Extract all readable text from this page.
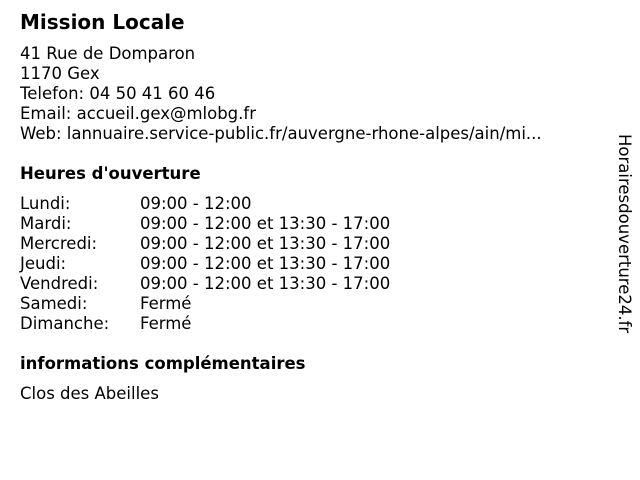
Mission Locale
41 Rue de Domparon
1170 Gex
Telefon: 04 50 41 60 46
Email: accueil.gex@mlobg.fr
Web: lannuaire.service-public.fr/auvergne-rhone-alpes/ain/mi...
Heures d'ouverture
Lundi:	09:00 - 12:00
Mardi:	09:00 - 12:00 et 13:30 - 17:00
Mercredi:	09:00 - 12:00 et 13:30 - 17:00
Jeudi:	09:00 - 12:00 et 13:30 - 17:00
Vendredi:	09:00 - 12:00 et 13:30 - 17:00
Samedi:	Fermé
Dimanche:	Fermé
informations complémentaires
Clos des Abeilles
Horairesdouverture24.fr
